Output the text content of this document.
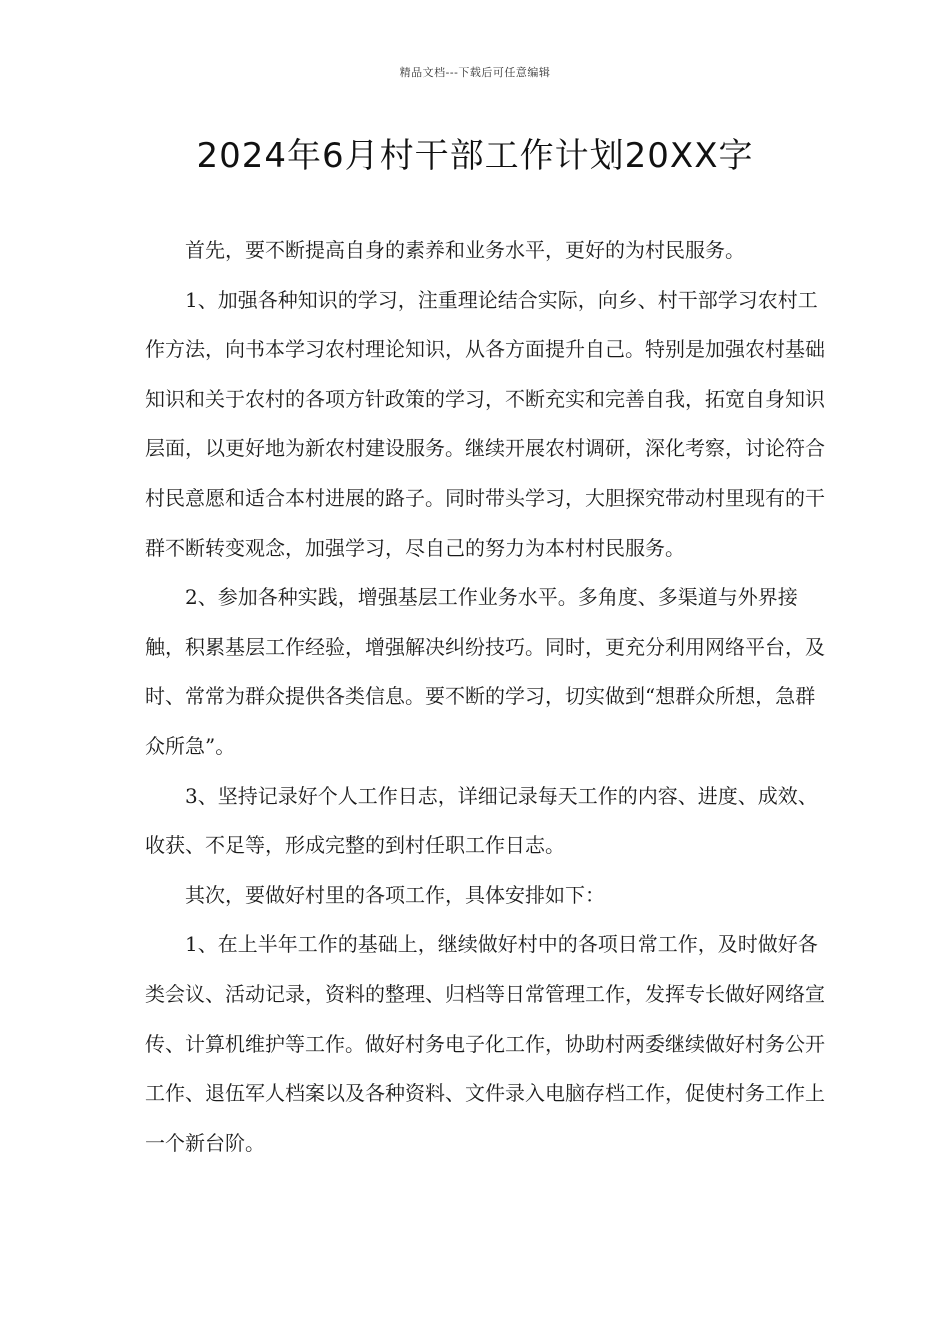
精品文档---下载后可任意编辑
2024年6月村干部工作计划20XX字

首先，要不断提高自身的素养和业务水平，更好的为村民服务。

1、加强各种知识的学习，注重理论结合实际，向乡、村干部学习农村工作方法，向书本学习农村理论知识，从各方面提升自己。特别是加强农村基础知识和关于农村的各项方针政策的学习，不断充实和完善自我，拓宽自身知识层面，以更好地为新农村建设服务。继续开展农村调研，深化考察，讨论符合村民意愿和适合本村进展的路子。同时带头学习，大胆探究带动村里现有的干群不断转变观念，加强学习，尽自己的努力为本村村民服务。

2、参加各种实践，增强基层工作业务水平。多角度、多渠道与外界接触，积累基层工作经验，增强解决纠纷技巧。同时，更充分利用网络平台，及时、常常为群众提供各类信息。要不断的学习，切实做到“想群众所想，急群众所急”。

3、坚持记录好个人工作日志，详细记录每天工作的内容、进度、成效、收获、不足等，形成完整的到村任职工作日志。

其次，要做好村里的各项工作，具体安排如下：

1、在上半年工作的基础上，继续做好村中的各项日常工作，及时做好各类会议、活动记录，资料的整理、归档等日常管理工作，发挥专长做好网络宣传、计算机维护等工作。做好村务电子化工作，协助村两委继续做好村务公开工作、退伍军人档案以及各种资料、文件录入电脑存档工作，促使村务工作上一个新台阶。
